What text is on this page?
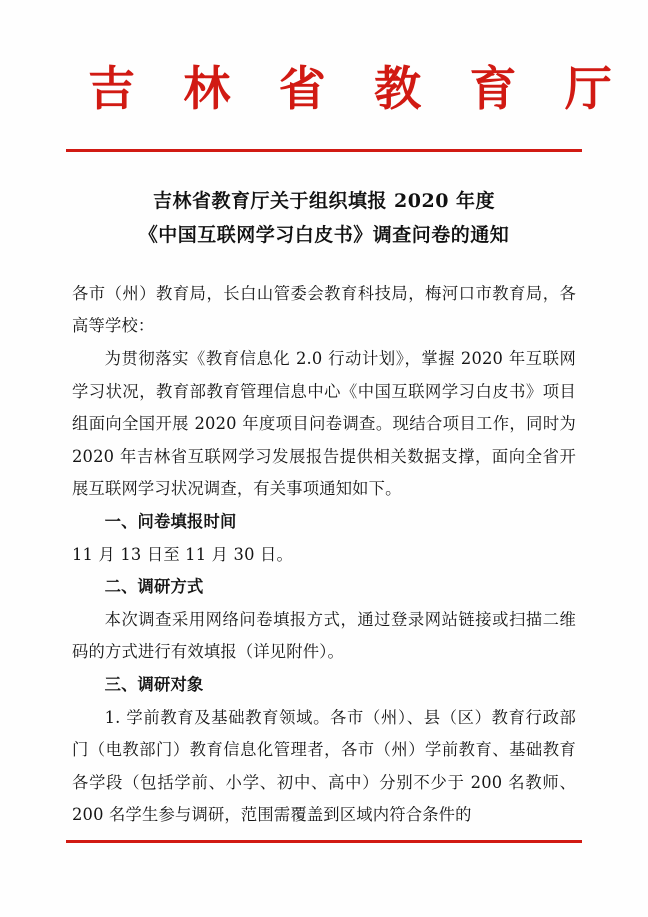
吉 林 省 教 育 厅
吉林省教育厅关于组织填报 2020 年度
《中国互联网学习白皮书》调查问卷的通知

各市（州）教育局，长白山管委会教育科技局，梅河口市教育局，各高等学校：

为贯彻落实《教育信息化 2.0 行动计划》，掌握 2020 年互联网学习状况，教育部教育管理信息中心《中国互联网学习白皮书》项目组面向全国开展 2020 年度项目问卷调查。现结合项目工作，同时为 2020 年吉林省互联网学习发展报告提供相关数据支撑，面向全省开展互联网学习状况调查，有关事项通知如下。

一、问卷填报时间

11 月 13 日至 11 月 30 日。

二、调研方式

本次调查采用网络问卷填报方式，通过登录网站链接或扫描二维码的方式进行有效填报（详见附件）。

三、调研对象

1. 学前教育及基础教育领域。各市（州）、县（区）教育行政部门（电教部门）教育信息化管理者，各市（州）学前教育、基础教育各学段（包括学前、小学、初中、高中）分别不少于 200 名教师、200 名学生参与调研，范围需覆盖到区域内符合条件的
